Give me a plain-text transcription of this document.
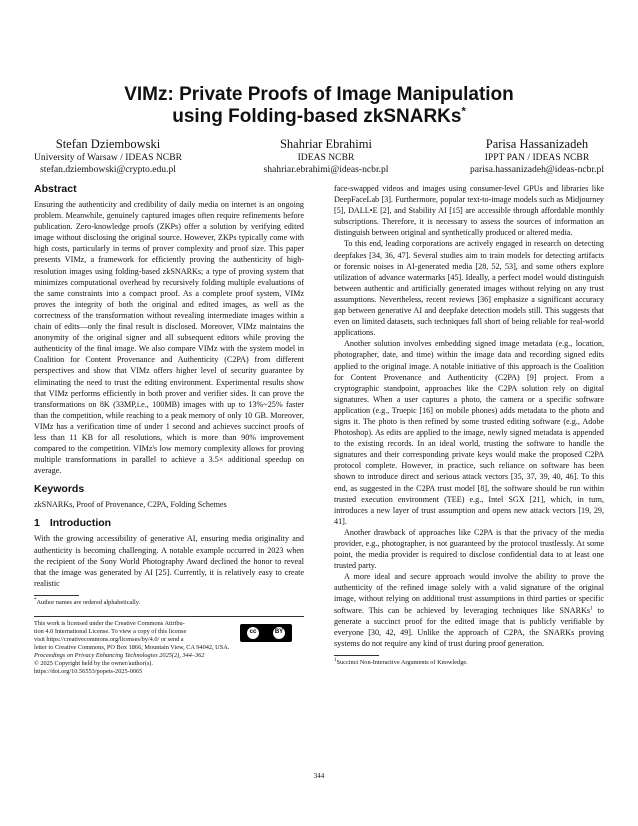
VIMz: Private Proofs of Image Manipulation
using Folding-based zkSNARKs*
Stefan Dziembowski
University of Warsaw / IDEAS NCBR
stefan.dziembowski@crypto.edu.pl
Shahriar Ebrahimi
IDEAS NCBR
shahriar.ebrahimi@ideas-ncbr.pl
Parisa Hassanizadeh
IPPT PAN / IDEAS NCBR
parisa.hassanizadeh@ideas-ncbr.pl
Abstract

Ensuring the authenticity and credibility of daily media on internet is an ongoing problem. Meanwhile, genuinely captured images often require refinements before publication. Zero-knowledge proofs (ZKPs) offer a solution by verifying edited image without disclosing the original source. However, ZKPs typically come with high costs, particularly in terms of prover complexity and proof size. This paper presents VIMz, a framework for efficiently proving the authenticity of high-resolution images using folding-based zkSNARKs; a type of proving system that minimizes computational overhead by recursively folding multiple evaluations of the same constraints into a compact proof. As a complete proof system, VIMz proves the integrity of both the original and edited images, as well as the correctness of the transformation without revealing intermediate images within a chain of edits—only the final result is disclosed. Moreover, VIMz maintains the anonymity of the original signer and all subsequent editors while proving the authenticity of the final image. We also compare VIMz with the system model in Coalition for Content Provenance and Authenticity (C2PA) from different perspectives and show that VIMz offers higher level of security guarantee by eliminating the need to trust the editing environment. Experimental results show that VIMz performs efficiently in both prover and verifier sides. It can prove the transformations on 8K (33MP,i.e., 100MB) images with up to 13%~25% faster than the competition, while reaching to a peak memory of only 10 GB. Moreover, VIMz has a verification time of under 1 second and achieves succinct proofs of less than 11 KB for all resolutions, which is more than 90% improvement compared to the competition. VIMz's low memory complexity allows for proving multiple transformations in parallel to achieve a 3.5× additional speedup on average.

Keywords

zkSNARKs, Proof of Provenance, C2PA, Folding Schemes

1 Introduction

With the growing accessibility of generative AI, ensuring media originality and authenticity is becoming challenging. A notable example occurred in 2023 when the recipient of the Sony World Photography Award declined the honor to reveal that the image was generated by AI [25]. Currently, it is relatively easy to create realistic

*Author names are ordered alphabetically.
This work is licensed under the Creative Commons Attribu-
tion 4.0 International License. To view a copy of this license
visit https://creativecommons.org/licenses/by/4.0/ or send a
letter to Creative Commons, PO Box 1866, Mountain View, CA 94042, USA.
Proceedings on Privacy Enhancing Technologies 2025(2), 344–362
© 2025 Copyright held by the owner/author(s).
https://doi.org/10.56553/popets-2025-0065
cc	BY

face-swapped videos and images using consumer-level GPUs and libraries like DeepFaceLab [3]. Furthermore, popular text-to-image models such as Midjourney [5], DALL•E [2], and Stability AI [15] are accessible through affordable monthly subscriptions. Therefore, it is necessary to assess the sources of information an distinguish between original and synthetically produced or altered media.

To this end, leading corporations are actively engaged in research on detecting deepfakes [34, 36, 47]. Several studies aim to train models for detecting artifacts or forensic noises in AI-generated media [28, 52, 53], and some others explore utilization of advance watermarks [45]. Ideally, a perfect model would distinguish between authentic and artificially generated images without relying on any trust assumptions. Nevertheless, recent reviews [36] emphasize a significant accuracy gap between generative AI and deepfake detection models still. This suggests that even on limited datasets, such techniques fall short of being reliable for real-world applications.

Another solution involves embedding signed image metadata (e.g., location, photographer, date, and time) within the image data and recording signed edits applied to the original image. A notable initiative of this approach is the Coalition for Content Provenance and Authenticity (C2PA) [9] project. From a cryptographic standpoint, approaches like the C2PA solution rely on digital signatures. When a user captures a photo, the camera or a specific software application (e.g., Truepic [16] on mobile phones) adds metadata to the photo and signs it. The photo is then refined by some trusted editing software (e.g., Adobe Photoshop). As edits are applied to the image, newly signed metadata is appended to the existing records. In an ideal world, trusting the software to handle the signatures and their corresponding private keys would make the proposed C2PA protocol complete. However, in practice, such reliance on software has been shown to introduce direct and serious attack vectors [35, 37, 39, 40, 46]. To this end, as suggested in the C2PA trust model [8], the software should be run within trusted execution environment (TEE) e.g., Intel SGX [21], which, in turn, introduces a new layer of trust assumption and opens new attack vectors [19, 29, 41].

Another drawback of approaches like C2PA is that the privacy of the media provider, e.g., photographer, is not guaranteed by the protocol trustlessly. At some point, the media provider is required to disclose confidential data to at least one trusted party.

A more ideal and secure approach would involve the ability to prove the authenticity of the refined image solely with a valid signature of the original image, without relying on additional trust assumptions in third parties or specific software. This can be achieved by leveraging techniques like SNARKs$^1$ to generate a succinct proof for the edited image that is publicly verifiable by everyone [30, 42, 49]. Unlike the approach of C2PA, the SNARKs proving systems do not require any kind of trust during proof generation.

$^1$Succinct Non-Interactive Arguments of Knowledge.
344
